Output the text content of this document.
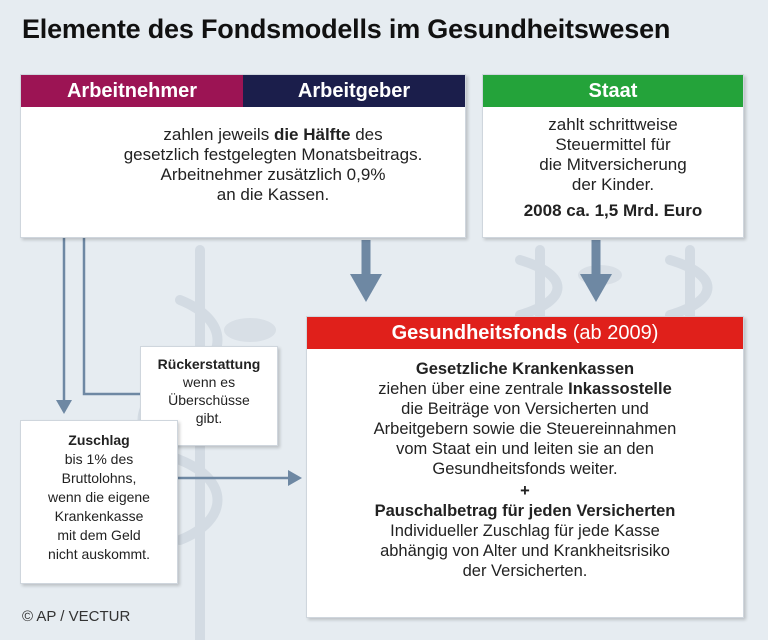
Elemente des Fondsmodells im Gesundheitswesen
Arbeitnehmer	Arbeitgeber
zahlen jeweils die Hälfte des
gesetzlich festgelegten Monatsbeitrags.
Arbeitnehmer zusätzlich 0,9%
an die Kassen.
Staat
zahlt schrittweise
Steuermittel für
die Mitversicherung
der Kinder.
2008 ca. 1,5 Mrd. Euro
Gesundheitsfonds (ab 2009)
Gesetzliche Krankenkassen
ziehen über eine zentrale Inkassostelle
die Beiträge von Versicherten und
Arbeitgebern sowie die Steuereinnahmen
vom Staat ein und leiten sie an den
Gesundheitsfonds weiter.
+
Pauschalbetrag für jeden Versicherten
Individueller Zuschlag für jede Kasse
abhängig von Alter und Krankheitsrisiko
der Versicherten.
Rückerstattung
wenn es
Überschüsse
gibt.
Zuschlag
bis 1% des
Bruttolohns,
wenn die eigene
Krankenkasse
mit dem Geld
nicht auskommt.
© AP / VECTUR
